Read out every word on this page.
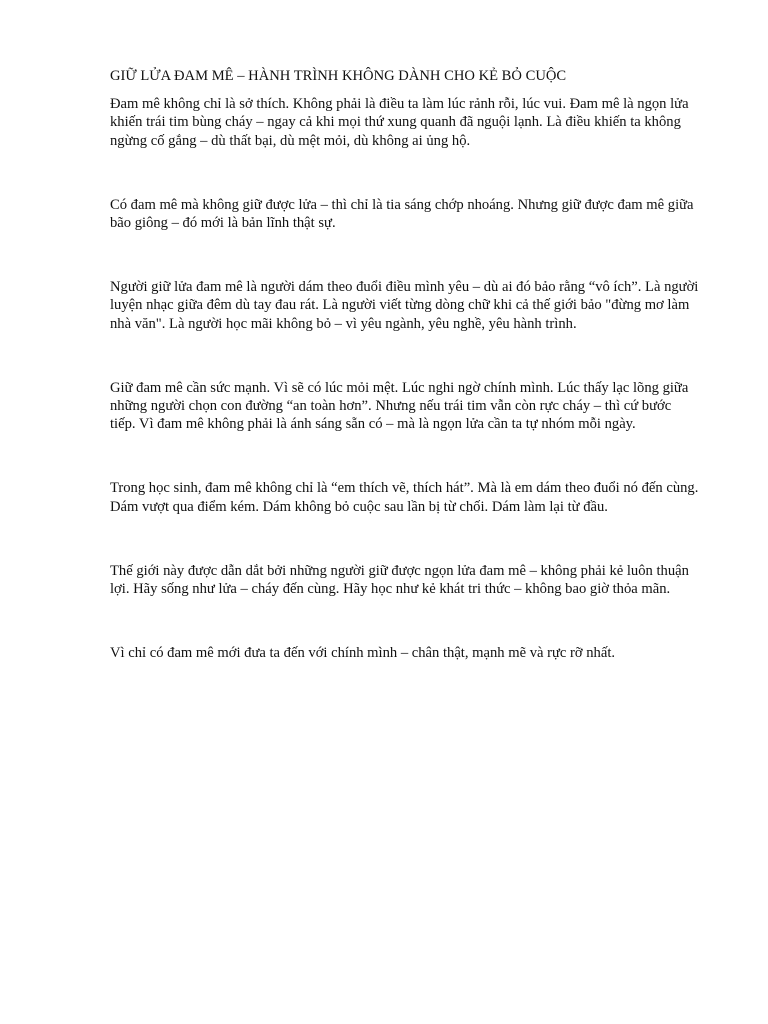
GIỮ LỬA ĐAM MÊ – HÀNH TRÌNH KHÔNG DÀNH CHO KẺ BỎ CUỘC

Đam mê không chỉ là sở thích. Không phải là điều ta làm lúc rảnh rỗi, lúc vui. Đam mê là ngọn lửa khiến trái tim bùng cháy – ngay cả khi mọi thứ xung quanh đã nguội lạnh. Là điều khiến ta không ngừng cố gắng – dù thất bại, dù mệt mỏi, dù không ai ủng hộ.

Có đam mê mà không giữ được lửa – thì chỉ là tia sáng chớp nhoáng. Nhưng giữ được đam mê giữa bão giông – đó mới là bản lĩnh thật sự.

Người giữ lửa đam mê là người dám theo đuổi điều mình yêu – dù ai đó bảo rằng “vô ích”. Là người luyện nhạc giữa đêm dù tay đau rát. Là người viết từng dòng chữ khi cả thế giới bảo "đừng mơ làm nhà văn". Là người học mãi không bỏ – vì yêu ngành, yêu nghề, yêu hành trình.

Giữ đam mê cần sức mạnh. Vì sẽ có lúc mỏi mệt. Lúc nghi ngờ chính mình. Lúc thấy lạc lõng giữa những người chọn con đường “an toàn hơn”. Nhưng nếu trái tim vẫn còn rực cháy – thì cứ bước tiếp. Vì đam mê không phải là ánh sáng sẵn có – mà là ngọn lửa cần ta tự nhóm mỗi ngày.

Trong học sinh, đam mê không chỉ là “em thích vẽ, thích hát”. Mà là em dám theo đuổi nó đến cùng. Dám vượt qua điểm kém. Dám không bỏ cuộc sau lần bị từ chối. Dám làm lại từ đầu.

Thế giới này được dẫn dắt bởi những người giữ được ngọn lửa đam mê – không phải kẻ luôn thuận lợi. Hãy sống như lửa – cháy đến cùng. Hãy học như kẻ khát tri thức – không bao giờ thỏa mãn.

Vì chỉ có đam mê mới đưa ta đến với chính mình – chân thật, mạnh mẽ và rực rỡ nhất.
